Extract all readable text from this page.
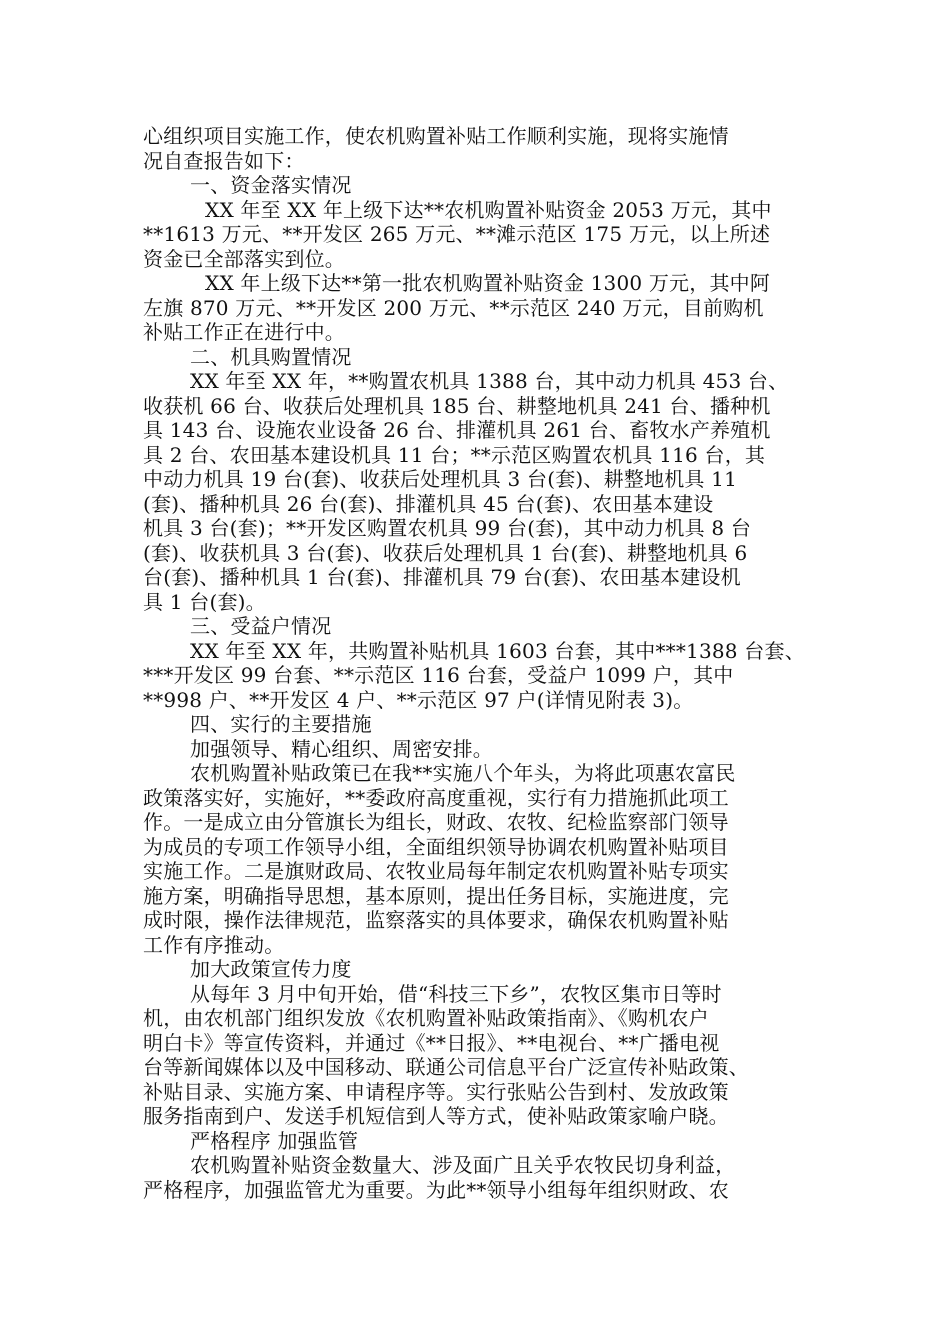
心组织项目实施工作，使农机购置补贴工作顺利实施，现将实施情
况自查报告如下：
一、资金落实情况
XX 年至 XX 年上级下达**农机购置补贴资金 2053 万元，其中
**1613 万元、**开发区 265 万元、**滩示范区 175 万元，以上所述
资金已全部落实到位。
XX 年上级下达**第一批农机购置补贴资金 1300 万元，其中阿
左旗 870 万元、**开发区 200 万元、**示范区 240 万元，目前购机
补贴工作正在进行中。
二、机具购置情况
XX 年至 XX 年，**购置农机具 1388 台，其中动力机具 453 台、
收获机 66 台、收获后处理机具 185 台、耕整地机具 241 台、播种机
具 143 台、设施农业设备 26 台、排灌机具 261 台、畜牧水产养殖机
具 2 台、农田基本建设机具 11 台；**示范区购置农机具 116 台，其
中动力机具 19 台(套)、收获后处理机具 3 台(套)、耕整地机具 11
(套)、播种机具 26 台(套)、排灌机具 45 台(套)、农田基本建设
机具 3 台(套)；**开发区购置农机具 99 台(套)，其中动力机具 8 台
(套)、收获机具 3 台(套)、收获后处理机具 1 台(套)、耕整地机具 6
台(套)、播种机具 1 台(套)、排灌机具 79 台(套)、农田基本建设机
具 1 台(套)。
三、受益户情况
XX 年至 XX 年，共购置补贴机具 1603 台套，其中***1388 台套、
***开发区 99 台套、**示范区 116 台套，受益户 1099 户，其中
**998 户、**开发区 4 户、**示范区 97 户(详情见附表 3)。
四、实行的主要措施
加强领导、精心组织、周密安排。
农机购置补贴政策已在我**实施八个年头，为将此项惠农富民
政策落实好，实施好，**委政府高度重视，实行有力措施抓此项工
作。一是成立由分管旗长为组长，财政、农牧、纪检监察部门领导
为成员的专项工作领导小组，全面组织领导协调农机购置补贴项目
实施工作。二是旗财政局、农牧业局每年制定农机购置补贴专项实
施方案，明确指导思想，基本原则，提出任务目标，实施进度，完
成时限，操作法律规范，监察落实的具体要求，确保农机购置补贴
工作有序推动。
加大政策宣传力度
从每年 3 月中旬开始，借“科技三下乡”，农牧区集市日等时
机，由农机部门组织发放《农机购置补贴政策指南》、《购机农户
明白卡》等宣传资料，并通过《**日报》、**电视台、**广播电视
台等新闻媒体以及中国移动、联通公司信息平台广泛宣传补贴政策、
补贴目录、实施方案、申请程序等。实行张贴公告到村、发放政策
服务指南到户、发送手机短信到人等方式，使补贴政策家喻户晓。
严格程序 加强监管
农机购置补贴资金数量大、涉及面广且关乎农牧民切身利益，
严格程序，加强监管尤为重要。为此**领导小组每年组织财政、农
